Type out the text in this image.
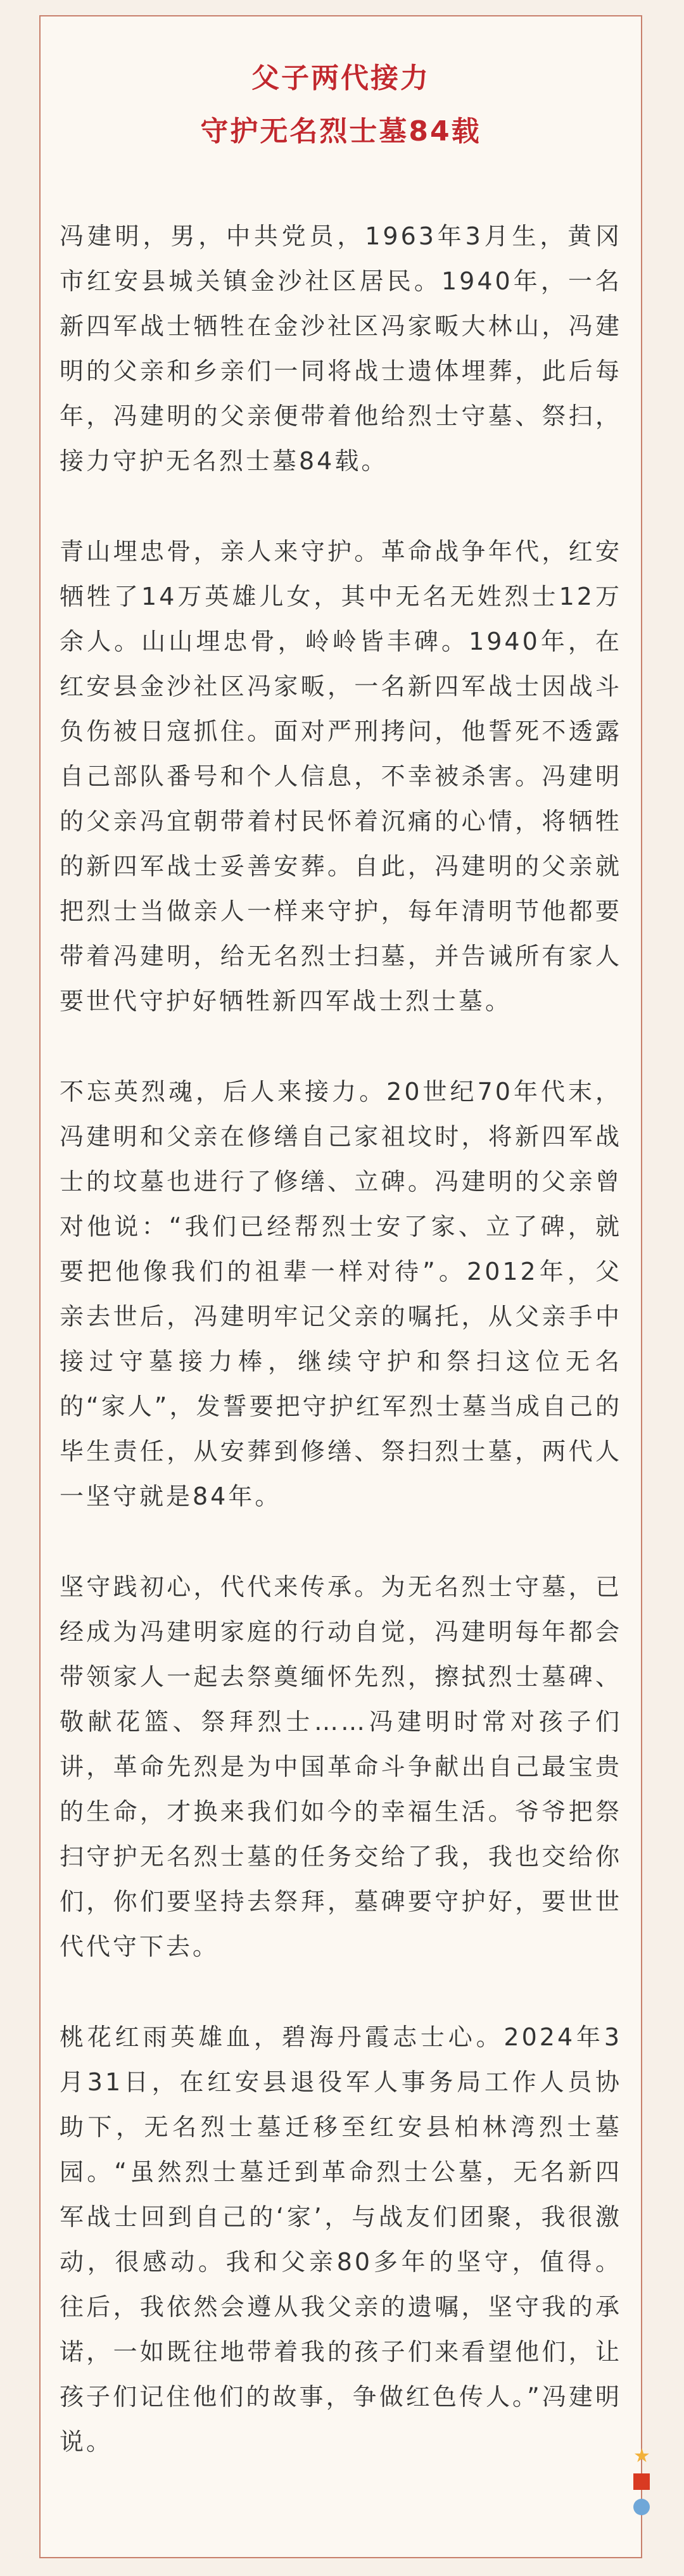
父子两代接力
守护无名烈士墓84载

冯建明，男，中共党员，1963年3月生，黄冈市红安县城关镇金沙社区居民。1940年，一名新四军战士牺牲在金沙社区冯家畈大林山，冯建明的父亲和乡亲们一同将战士遗体埋葬，此后每年，冯建明的父亲便带着他给烈士守墓、祭扫，接力守护无名烈士墓84载。

青山埋忠骨，亲人来守护。革命战争年代，红安牺牲了14万英雄儿女，其中无名无姓烈士12万余人。山山埋忠骨，岭岭皆丰碑。1940年，在红安县金沙社区冯家畈，一名新四军战士因战斗负伤被日寇抓住。面对严刑拷问，他誓死不透露自己部队番号和个人信息，不幸被杀害。冯建明的父亲冯宜朝带着村民怀着沉痛的心情，将牺牲的新四军战士妥善安葬。自此，冯建明的父亲就把烈士当做亲人一样来守护，每年清明节他都要带着冯建明，给无名烈士扫墓，并告诫所有家人要世代守护好牺牲新四军战士烈士墓。

不忘英烈魂，后人来接力。20世纪70年代末，冯建明和父亲在修缮自己家祖坟时，将新四军战士的坟墓也进行了修缮、立碑。冯建明的父亲曾对他说：“我们已经帮烈士安了家、立了碑，就要把他像我们的祖辈一样对待”。2012年，父亲去世后，冯建明牢记父亲的嘱托，从父亲手中接过守墓接力棒，继续守护和祭扫这位无名的“家人”，发誓要把守护红军烈士墓当成自己的毕生责任，从安葬到修缮、祭扫烈士墓，两代人一坚守就是84年。

坚守践初心，代代来传承。为无名烈士守墓，已经成为冯建明家庭的行动自觉，冯建明每年都会带领家人一起去祭奠缅怀先烈，擦拭烈士墓碑、敬献花篮、祭拜烈士……冯建明时常对孩子们讲，革命先烈是为中国革命斗争献出自己最宝贵的生命，才换来我们如今的幸福生活。爷爷把祭扫守护无名烈士墓的任务交给了我，我也交给你们，你们要坚持去祭拜，墓碑要守护好，要世世代代守下去。

桃花红雨英雄血，碧海丹霞志士心。2024年3月31日，在红安县退役军人事务局工作人员协助下，无名烈士墓迁移至红安县柏林湾烈士墓园。“虽然烈士墓迁到革命烈士公墓，无名新四军战士回到自己的‘家’，与战友们团聚，我很激动，很感动。我和父亲80多年的坚守，值得。往后，我依然会遵从我父亲的遗嘱，坚守我的承诺，一如既往地带着我的孩子们来看望他们，让孩子们记住他们的故事，争做红色传人。”冯建明说。

★
